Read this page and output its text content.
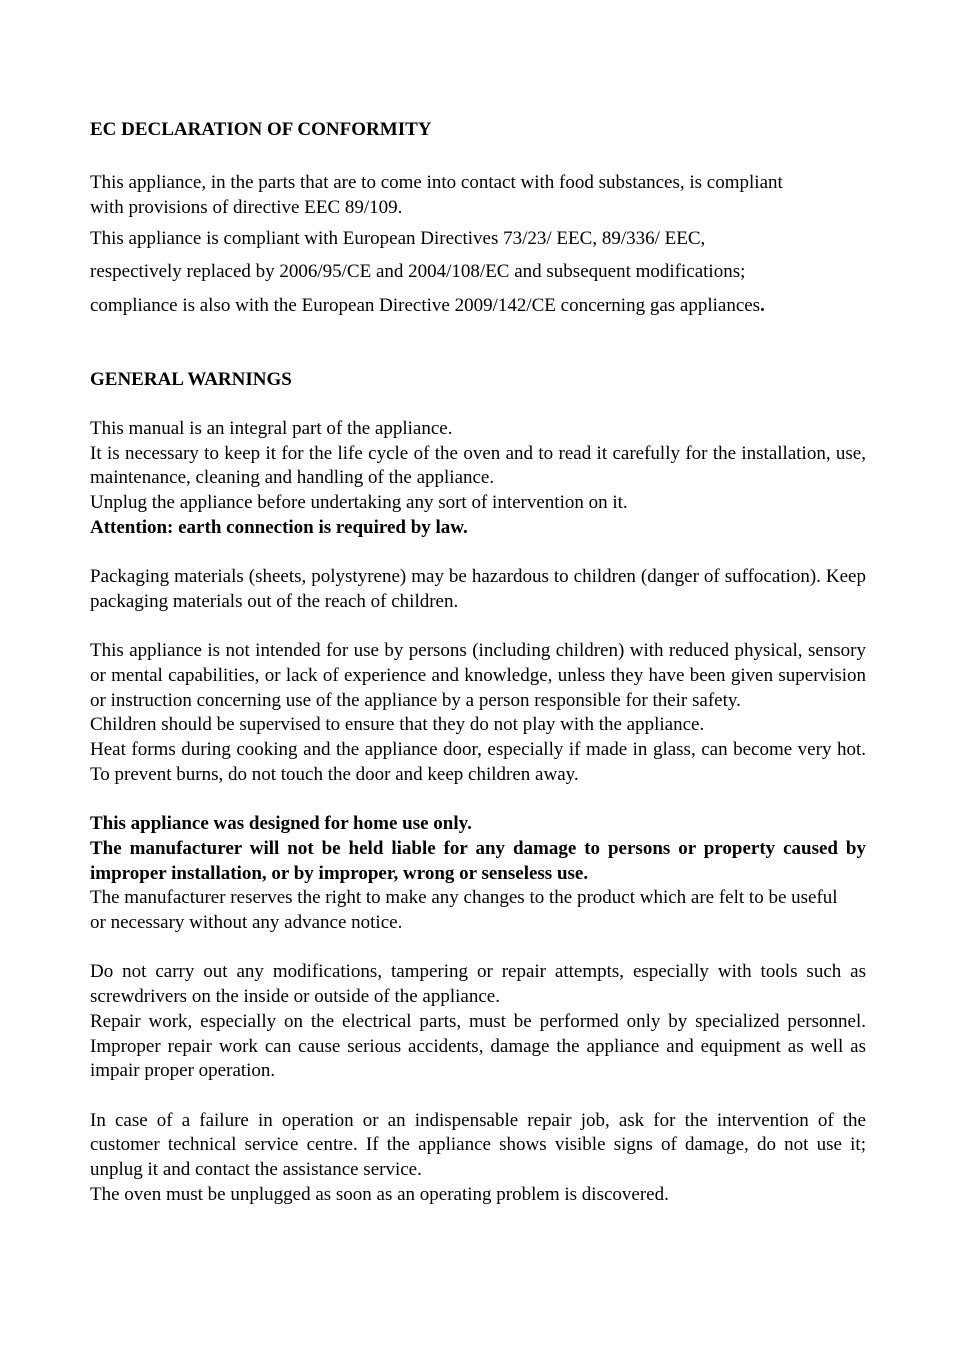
EC DECLARATION OF CONFORMITY

This appliance, in the parts that are to come into contact with food substances, is compliant with provisions of directive EEC 89/109.

This appliance is compliant with European Directives 73/23/ EEC, 89/336/ EEC,

respectively replaced by 2006/95/CE and 2004/108/EC and subsequent modifications;

compliance is also with the European Directive 2009/142/CE concerning gas appliances.

GENERAL WARNINGS

This manual is an integral part of the appliance.

It is necessary to keep it for the life cycle of the oven and to read it carefully for the installation, use, maintenance, cleaning and handling of the appliance.

Unplug the appliance before undertaking any sort of intervention on it.

Attention: earth connection is required by law.

Packaging materials (sheets, polystyrene) may be hazardous to children (danger of suffocation). Keep packaging materials out of the reach of children.

This appliance is not intended for use by persons (including children) with reduced physical, sensory or mental capabilities, or lack of experience and knowledge, unless they have been given supervision or instruction concerning use of the appliance by a person responsible for their safety.

Children should be supervised to ensure that they do not play with the appliance.

Heat forms during cooking and the appliance door, especially if made in glass, can become very hot. To prevent burns, do not touch the door and keep children away.

This appliance was designed for home use only.

The manufacturer will not be held liable for any damage to persons or property caused by improper installation, or by improper, wrong or senseless use.

The manufacturer reserves the right to make any changes to the product which are felt to be useful or necessary without any advance notice.

Do not carry out any modifications, tampering or repair attempts, especially with tools such as screwdrivers on the inside or outside of the appliance.

Repair work, especially on the electrical parts, must be performed only by specialized personnel. Improper repair work can cause serious accidents, damage the appliance and equipment as well as impair proper operation.

In case of a failure in operation or an indispensable repair job, ask for the intervention of the customer technical service centre. If the appliance shows visible signs of damage, do not use it; unplug it and contact the assistance service.

The oven must be unplugged as soon as an operating problem is discovered.
